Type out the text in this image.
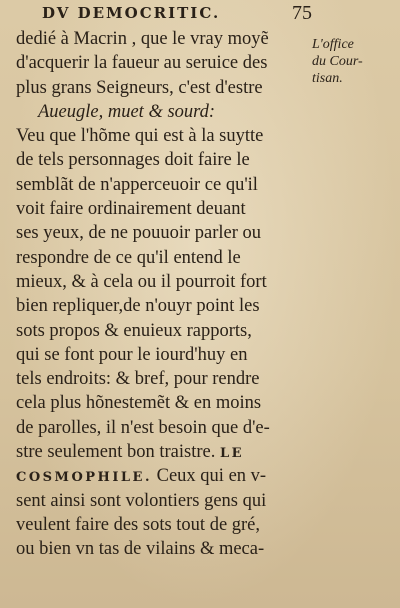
DV DEMOCRITIC.	75
L'office
du Cour-
tisan.
dedié à Macrin , que le vray moyẽ
d'acquerir la faueur au seruice des
plus grans Seigneurs, c'est d'estre
Aueugle, muet & sourd:
Veu que l'hõme qui est à la suytte
de tels personnages doit faire le
semblãt de n'apperceuoir ce qu'il
voit faire ordinairement deuant
ses yeux, de ne pouuoir parler ou
respondre de ce qu'il entend le
mieux, & à cela ou il pourroit fort
bien repliquer,de n'ouyr point les
sots propos & enuieux rapports,
qui se font pour le iourd'huy en
tels endroits: & bref, pour rendre
cela plus hõnestemẽt & en moins
de parolles, il n'est besoin que d'e-
stre seulement bon traistre. LE
COSMOPHILE. Ceux qui en v-
sent ainsi sont volontiers gens qui
veulent faire des sots tout de gré,
ou bien vn tas de vilains & meca-
